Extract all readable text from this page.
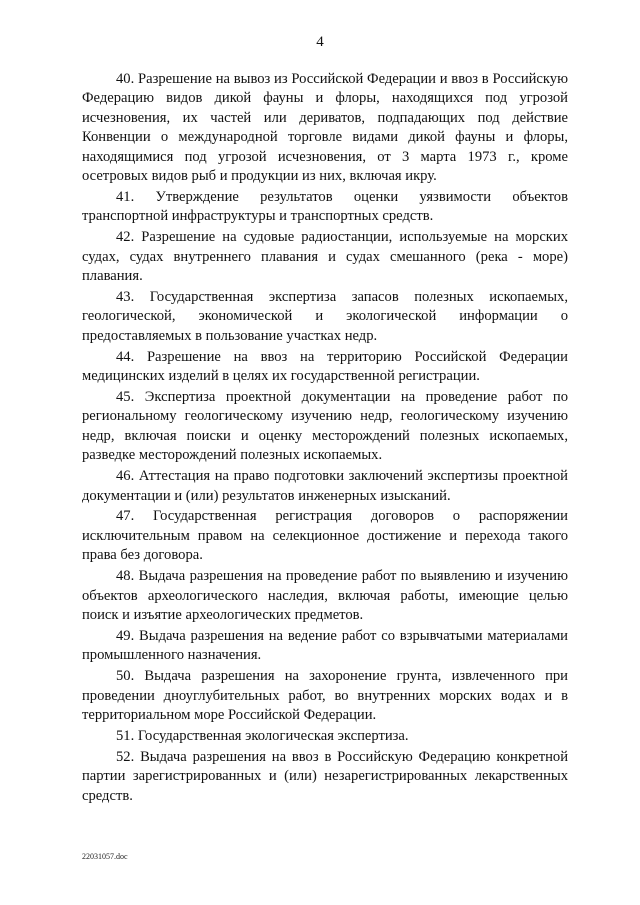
4

40. Разрешение на вывоз из Российской Федерации и ввоз в Российскую Федерацию видов дикой фауны и флоры, находящихся под угрозой исчезновения, их частей или дериватов, подпадающих под действие Конвенции о международной торговле видами дикой фауны и флоры, находящимися под угрозой исчезновения, от 3 марта 1973 г., кроме осетровых видов рыб и продукции из них, включая икру.

41. Утверждение результатов оценки уязвимости объектов транспортной инфраструктуры и транспортных средств.

42. Разрешение на судовые радиостанции, используемые на морских судах, судах внутреннего плавания и судах смешанного (река - море) плавания.

43. Государственная экспертиза запасов полезных ископаемых, геологической, экономической и экологической информации о предоставляемых в пользование участках недр.

44. Разрешение на ввоз на территорию Российской Федерации медицинских изделий в целях их государственной регистрации.

45. Экспертиза проектной документации на проведение работ по региональному геологическому изучению недр, геологическому изучению недр, включая поиски и оценку месторождений полезных ископаемых, разведке месторождений полезных ископаемых.

46. Аттестация на право подготовки заключений экспертизы проектной документации и (или) результатов инженерных изысканий.

47. Государственная регистрация договоров о распоряжении исключительным правом на селекционное достижение и перехода такого права без договора.

48. Выдача разрешения на проведение работ по выявлению и изучению объектов археологического наследия, включая работы, имеющие целью поиск и изъятие археологических предметов.

49. Выдача разрешения на ведение работ со взрывчатыми материалами промышленного назначения.

50. Выдача разрешения на захоронение грунта, извлеченного при проведении дноуглубительных работ, во внутренних морских водах и в территориальном море Российской Федерации.

51. Государственная экологическая экспертиза.

52. Выдача разрешения на ввоз в Российскую Федерацию конкретной партии зарегистрированных и (или) незарегистрированных лекарственных средств.

22031057.doc
